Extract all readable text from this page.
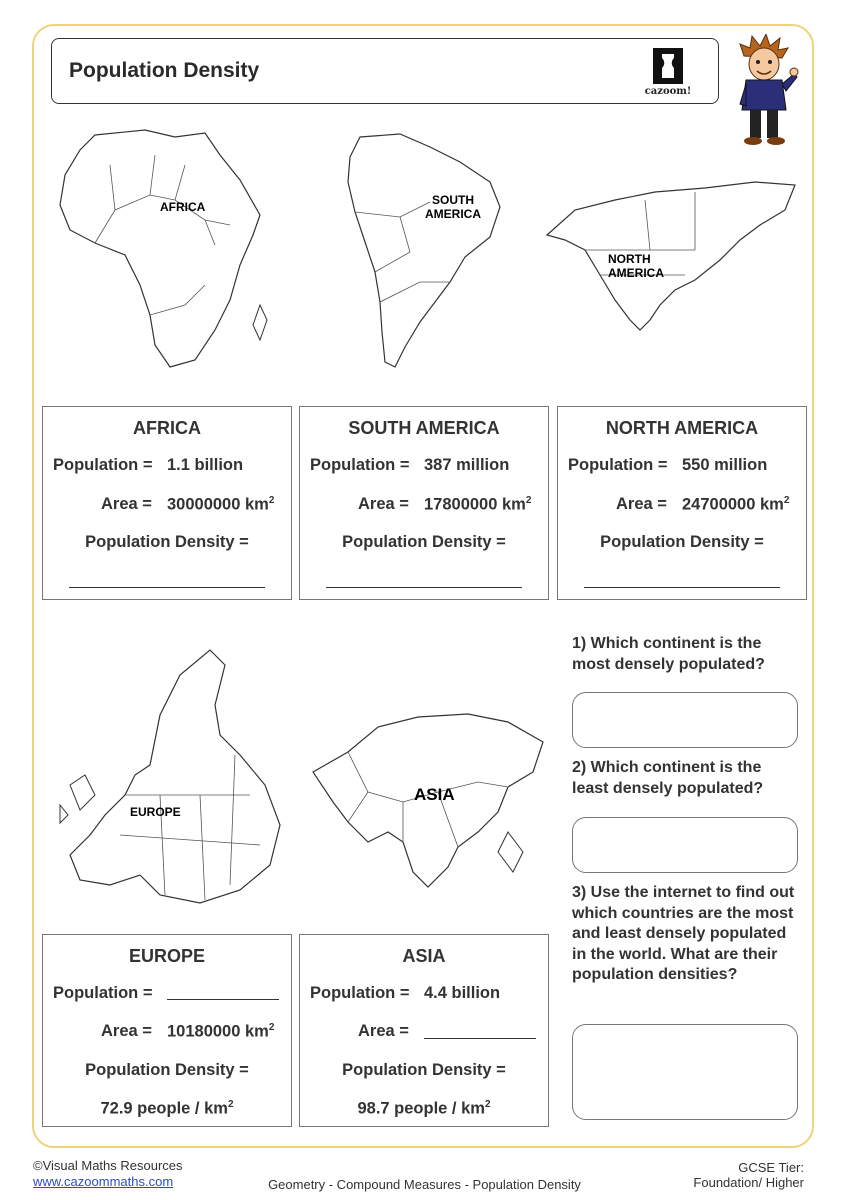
Population Density
cazoom!
AFRICA	SOUTH
AMERICA
NORTH
AMERICA
EUROPE
ASIA
AFRICA
Population = 1.1 billion
Area = 30000000 $km^2$
Population Density =
SOUTH AMERICA
Population = 387 million
Area = 17800000 $km^2$
Population Density =
NORTH AMERICA
Population = 550 million
Area = 24700000 $km^2$
Population Density =
EUROPE
Population =
Area = 10180000 $km^2$
Population Density =
72.9 people / $km^2$
ASIA
Population = 4.4 billion
Area =
Population Density =
98.7 people / $km^2$
1) Which continent is the most densely populated?
2) Which continent is the least densely populated?
3) Use the internet to find out which countries are the most and least densely populated in the world. What are their population densities?
©Visual Maths Resources
www.cazoommaths.com	Geometry - Compound Measures - Population Density
GCSE Tier:
Foundation/ Higher
